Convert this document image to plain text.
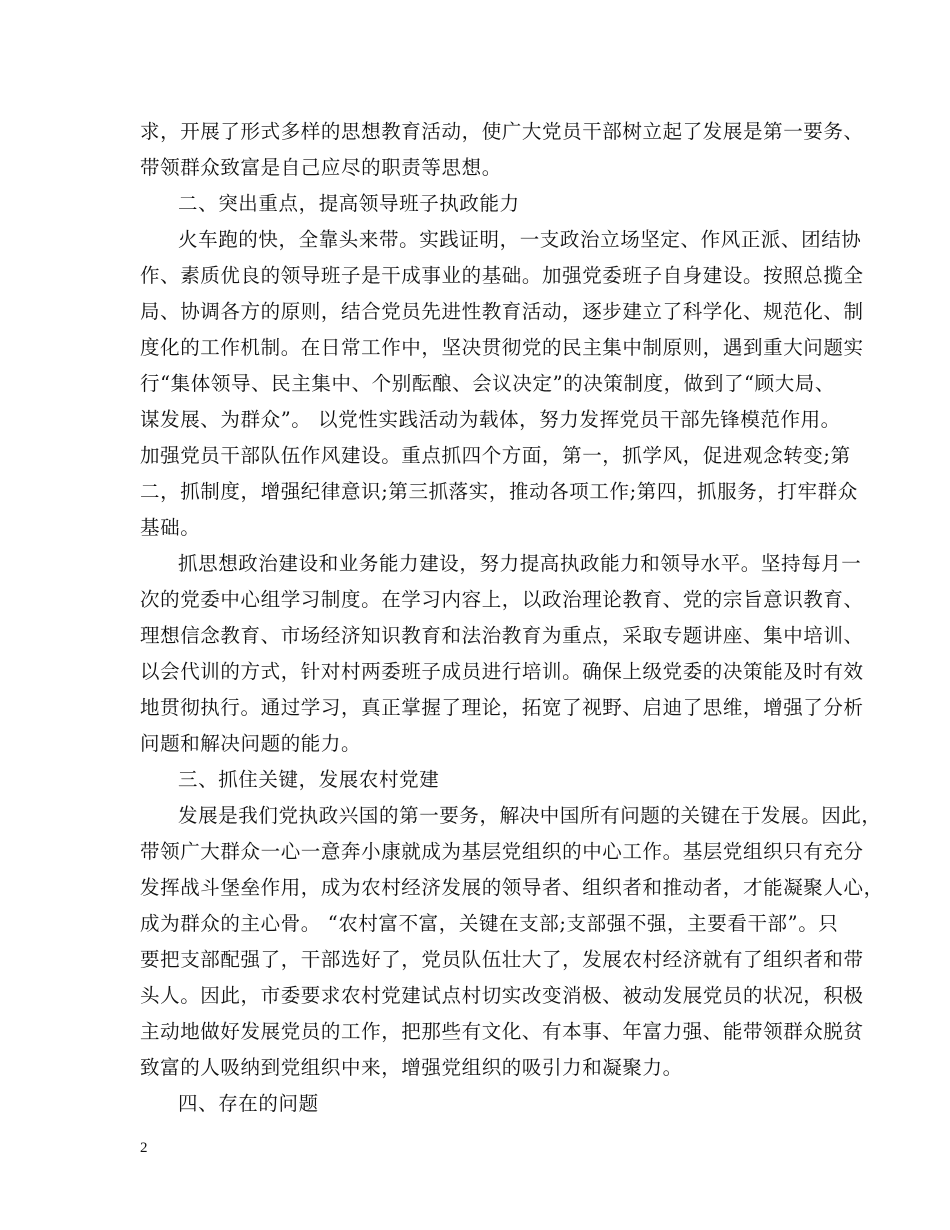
求，开展了形式多样的思想教育活动，使广大党员干部树立起了发展是第一要务、
带领群众致富是自己应尽的职责等思想。
二、突出重点，提高领导班子执政能力
火车跑的快，全靠头来带。实践证明，一支政治立场坚定、作风正派、团结协
作、素质优良的领导班子是干成事业的基础。加强党委班子自身建设。按照总揽全
局、协调各方的原则，结合党员先进性教育活动，逐步建立了科学化、规范化、制
度化的工作机制。在日常工作中，坚决贯彻党的民主集中制原则，遇到重大问题实
行“集体领导、民主集中、个别酝酿、会议决定”的决策制度，做到了“顾大局、
谋发展、为群众”。 以党性实践活动为载体，努力发挥党员干部先锋模范作用。
加强党员干部队伍作风建设。重点抓四个方面，第一，抓学风，促进观念转变;第
二，抓制度，增强纪律意识;第三抓落实，推动各项工作;第四，抓服务，打牢群众
基础。
抓思想政治建设和业务能力建设，努力提高执政能力和领导水平。坚持每月一
次的党委中心组学习制度。在学习内容上，以政治理论教育、党的宗旨意识教育、
理想信念教育、市场经济知识教育和法治教育为重点，采取专题讲座、集中培训、
以会代训的方式，针对村两委班子成员进行培训。确保上级党委的决策能及时有效
地贯彻执行。通过学习，真正掌握了理论，拓宽了视野、启迪了思维，增强了分析
问题和解决问题的能力。
三、抓住关键，发展农村党建
发展是我们党执政兴国的第一要务，解决中国所有问题的关键在于发展。因此，
带领广大群众一心一意奔小康就成为基层党组织的中心工作。基层党组织只有充分
发挥战斗堡垒作用，成为农村经济发展的领导者、组织者和推动者，才能凝聚人心，
成为群众的主心骨。 “农村富不富，关键在支部;支部强不强，主要看干部”。只
要把支部配强了，干部选好了，党员队伍壮大了，发展农村经济就有了组织者和带
头人。因此，市委要求农村党建试点村切实改变消极、被动发展党员的状况，积极
主动地做好发展党员的工作，把那些有文化、有本事、年富力强、能带领群众脱贫
致富的人吸纳到党组织中来，增强党组织的吸引力和凝聚力。
四、存在的问题
2
